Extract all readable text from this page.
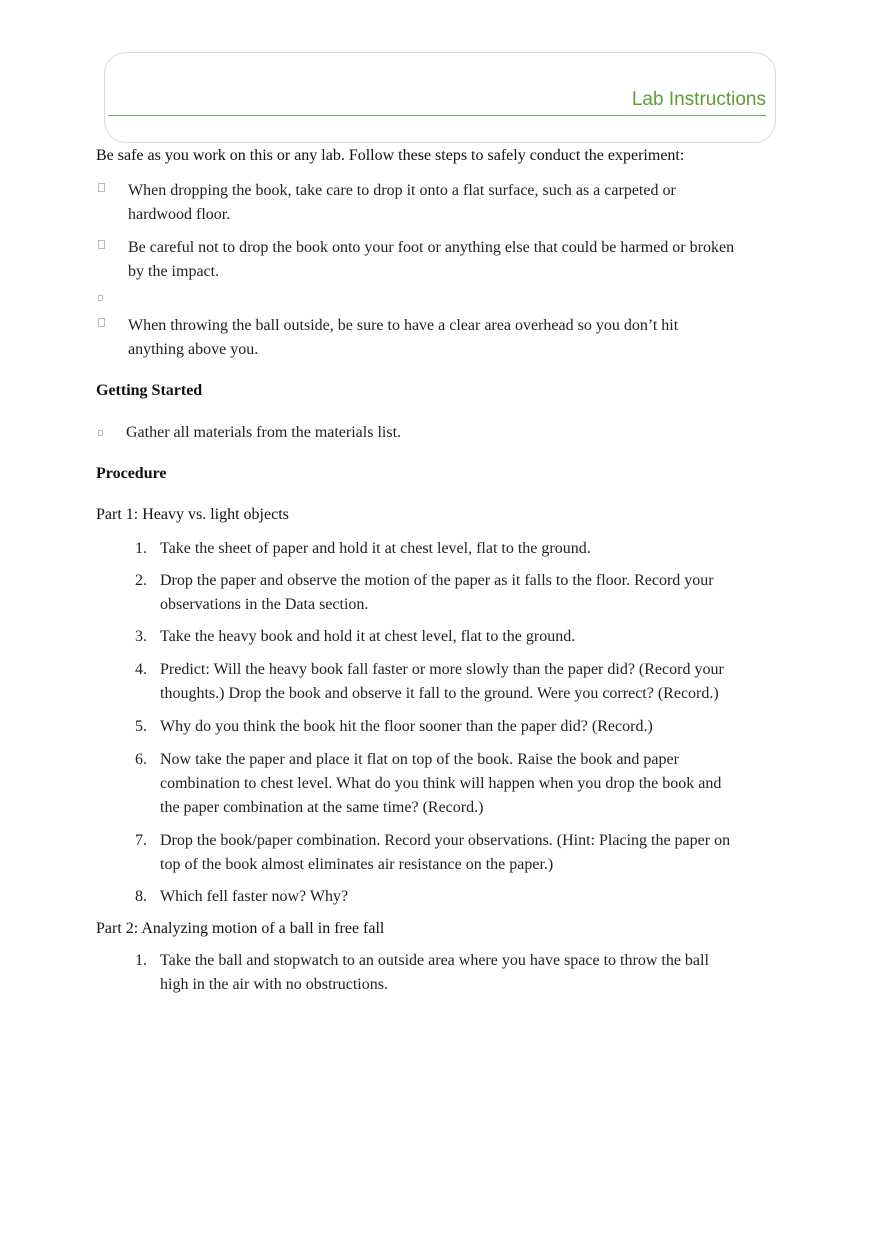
Lab Instructions

Be safe as you work on this or any lab. Follow these steps to safely conduct the experiment:

When dropping the book, take care to drop it onto a flat surface, such as a carpeted or hardwood floor.
Be careful not to drop the book onto your foot or anything else that could be harmed or broken by the impact.
When throwing the ball outside, be sure to have a clear area overhead so you don’t hit anything above you.

Getting Started

Gather all materials from the materials list.

Procedure

Part 1: Heavy vs. light objects

1. Take the sheet of paper and hold it at chest level, flat to the ground.
2. Drop the paper and observe the motion of the paper as it falls to the floor. Record your observations in the Data section.
3. Take the heavy book and hold it at chest level, flat to the ground.
4. Predict: Will the heavy book fall faster or more slowly than the paper did? (Record your thoughts.) Drop the book and observe it fall to the ground. Were you correct? (Record.)
5. Why do you think the book hit the floor sooner than the paper did? (Record.)
6. Now take the paper and place it flat on top of the book. Raise the book and paper combination to chest level. What do you think will happen when you drop the book and the paper combination at the same time? (Record.)
7. Drop the book/paper combination. Record your observations. (Hint: Placing the paper on top of the book almost eliminates air resistance on the paper.)
8. Which fell faster now? Why?

Part 2: Analyzing motion of a ball in free fall

1. Take the ball and stopwatch to an outside area where you have space to throw the ball high in the air with no obstructions.
